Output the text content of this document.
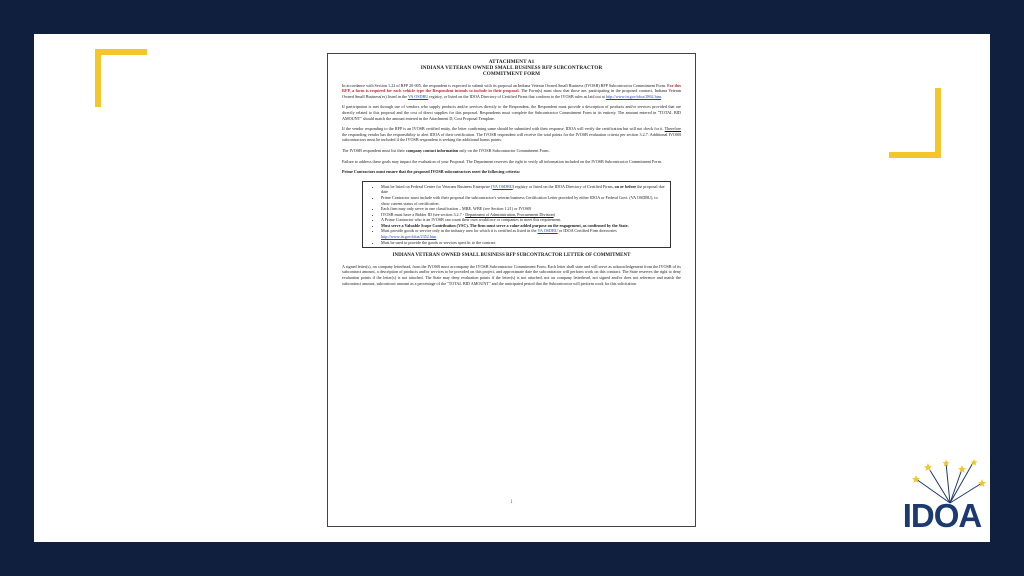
ATTACHMENT A1
INDIANA VETERAN OWNED SMALL BUSINESS RFP SUBCONTRACTOR
COMMITMENT FORM

In accordance with Section 1.22 of RFP 20-005, the respondent is expected to submit with its proposal an Indiana Veteran Owned Small Business (IVOSB) RFP Subcontractor Commitment Form. For this RFP, a form is required for each vehicle type the Respondent intends to include in their proposal. The Form(s) must show that those are, participating in the proposed contract, Indiana Veteran Owned Small Business(es) listed in the VA OSDBU registry, or listed on the IDOA Directory of Certified Firms that conform to the IVOSB rules as laid out at http://www.in.gov/idoa/2862.htm.

If participation is met through use of vendors who supply products and/or services directly to the Respondent, the Respondent must provide a description of products and/or services provided that are directly related to this proposal and the cost of direct supplies for this proposal. Respondents must complete the Subcontractor Commitment Form in its entirety. The amount entered in "TOTAL BID AMOUNT" should match the amount entered in the Attachment D, Cost Proposal Template.

If the vendor responding to the RFP is an IVOSB certified entity, the letter confirming same should be submitted with their response. IDOA will verify the certification but will not check for it. Therefore the responding vendor has the responsibility to alert IDOA of their certification. The IVOSB respondent will receive the total points for the IVOSB evaluation criteria per section 3.2.7. Additional IVOSB subcontractors must be included if the IVOSB respondent is seeking the additional bonus points.

The IVOSB respondent must list their company contact information only on the IVOSB Subcontractor Commitment Form.

Failure to address these goals may impact the evaluation of your Proposal. The Department reserves the right to verify all information included on the IVOSB Subcontractor Commitment Form.

Prime Contractors must ensure that the proposed IVOSB subcontractors meet the following criteria:

• Must be listed on Federal Center for Veterans Business Enterprise (VA OSDBU) registry or listed on the IDOA Directory of Certified Firms, on or before the proposal due date
• Prime Contractor must include with their proposal the subcontractor's veteran business Certification Letter provided by either IDOA or Federal Govt. (VA OSDBU), to show current status of certification.
• Each firm may only serve in one classification – MBE, WBE (see Section 1.21) or IVOSB
• IVOSB must have a Bidder ID (see section 3.2.7 - Department of Administration, Procurement Division)
• A Prime Contractor who is an IVOSB can count their own workforce or companies to meet this requirement.
• Must serve a Valuable Scope Contribution (VSC). The firm must serve a value-added purpose on the engagement, as confirmed by the State.
• Must provide goods or service only in the industry area for which it is certified as listed in the VA OSDBU or IDOA Certified Firm directories http://www.in.gov/idoa/2352.htm
• Must be used to provide the goods or services specific to the contract

INDIANA VETERAN OWNED SMALL BUSINESS RFP SUBCONTRACTOR LETTER OF COMMITMENT

A signed letter(s), on company letterhead, from the IVOSB must accompany the IVOSB Subcontractor Commitment Form. Each letter shall state and will serve as acknowledgement from the IVOSB of its subcontract amount, a description of products and/or services to be provided on this project, and approximate date the subcontractor will perform work on this contract. The State reserves the right to deny evaluation points if the letter(s) is not attached. The State may deny evaluation points if the letter(s) is not attached, not on company letterhead, not signed and/or does not reference and match the subcontract amount, subcontract amount as a percentage of the "TOTAL BID AMOUNT" and the anticipated period that the Subcontractor will perform work for this solicitation.

1	IDOA
